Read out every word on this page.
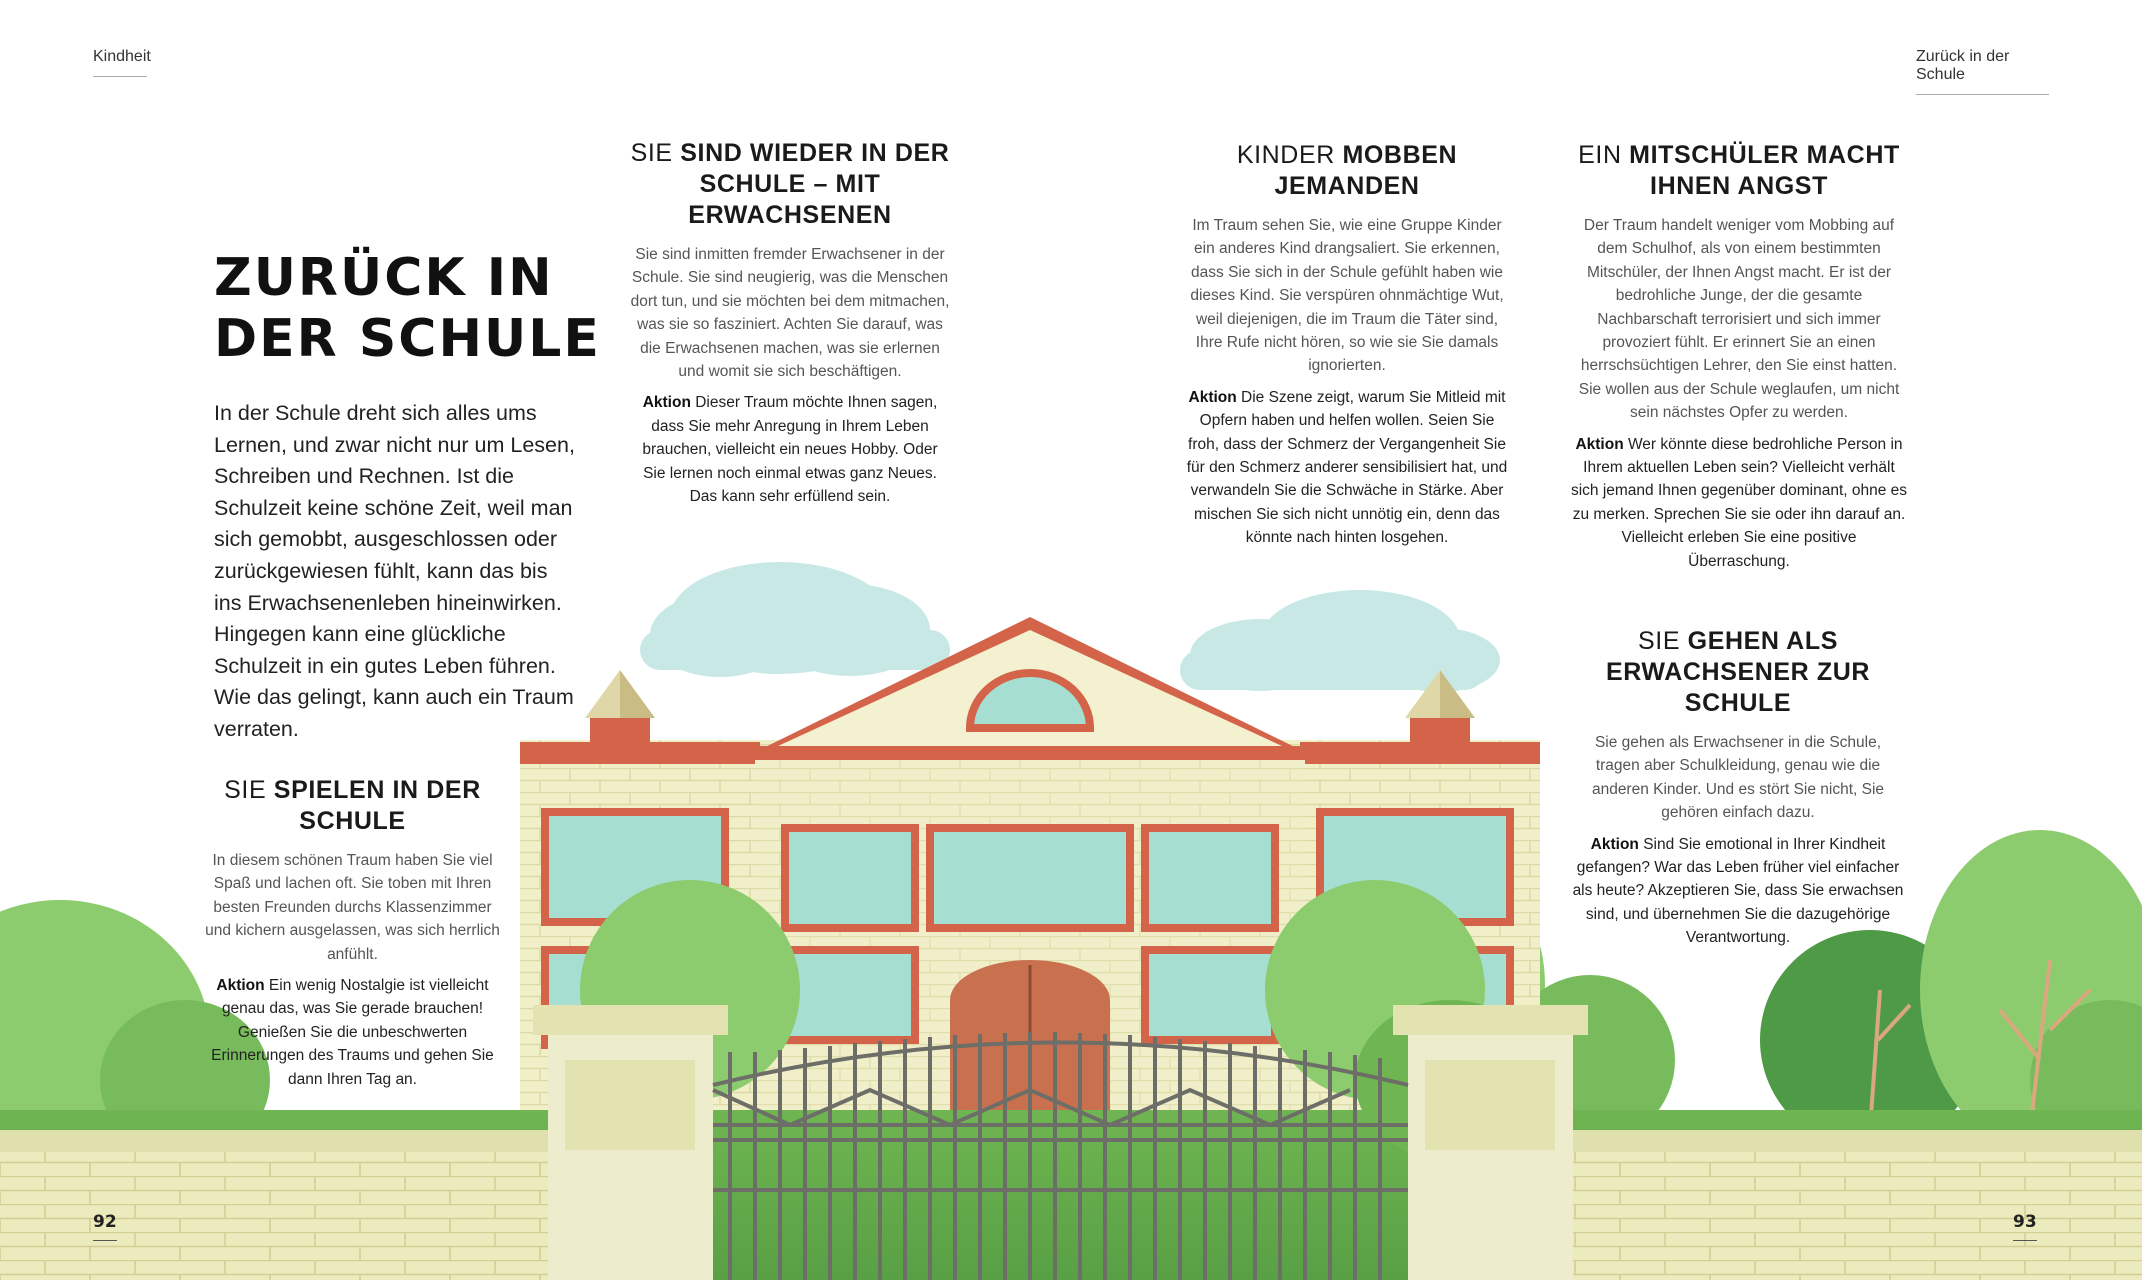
Kindheit	Zurück in der Schule
92	93
ZURÜCK IN
DER SCHULE

In der Schule dreht sich alles ums Lernen, und zwar nicht nur um Lesen, Schreiben und Rechnen. Ist die Schulzeit keine schöne Zeit, weil man sich gemobbt, ausgeschlossen oder zurückgewiesen fühlt, kann das bis ins Erwachsenenleben hineinwirken. Hingegen kann eine glückliche Schulzeit in ein gutes Leben führen. Wie das gelingt, kann auch ein Traum verraten.

SIE SPIELEN IN DER SCHULE

In diesem schönen Traum haben Sie viel Spaß und lachen oft. Sie toben mit Ihren besten Freunden durchs Klassenzimmer und kichern ausgelassen, was sich herrlich anfühlt.

Aktion Ein wenig Nostalgie ist vielleicht genau das, was Sie gerade brauchen! Genießen Sie die unbeschwerten Erinnerungen des Traums und gehen Sie dann Ihren Tag an.

SIE SIND WIEDER IN DER SCHULE – MIT ERWACHSENEN

Sie sind inmitten fremder Erwachsener in der Schule. Sie sind neugierig, was die Menschen dort tun, und sie möchten bei dem mitmachen, was sie so fasziniert. Achten Sie darauf, was die Erwachsenen machen, was sie erlernen und womit sie sich beschäftigen.

Aktion Dieser Traum möchte Ihnen sagen, dass Sie mehr Anregung in Ihrem Leben brauchen, vielleicht ein neues Hobby. Oder Sie lernen noch einmal etwas ganz Neues. Das kann sehr erfüllend sein.

KINDER MOBBEN JEMANDEN

Im Traum sehen Sie, wie eine Gruppe Kinder ein anderes Kind drangsaliert. Sie erkennen, dass Sie sich in der Schule gefühlt haben wie dieses Kind. Sie verspüren ohnmächtige Wut, weil diejenigen, die im Traum die Täter sind, Ihre Rufe nicht hören, so wie sie Sie damals ignorierten.

Aktion Die Szene zeigt, warum Sie Mitleid mit Opfern haben und helfen wollen. Seien Sie froh, dass der Schmerz der Vergangenheit Sie für den Schmerz anderer sensibilisiert hat, und verwandeln Sie die Schwäche in Stärke. Aber mischen Sie sich nicht unnötig ein, denn das könnte nach hinten losgehen.

EIN MITSCHÜLER MACHT IHNEN ANGST

Der Traum handelt weniger vom Mobbing auf dem Schulhof, als von einem bestimmten Mitschüler, der Ihnen Angst macht. Er ist der bedrohliche Junge, der die gesamte Nachbarschaft terrorisiert und sich immer provoziert fühlt. Er erinnert Sie an einen herrschsüchtigen Lehrer, den Sie einst hatten. Sie wollen aus der Schule weglaufen, um nicht sein nächstes Opfer zu werden.

Aktion Wer könnte diese bedrohliche Person in Ihrem aktuellen Leben sein? Vielleicht verhält sich jemand Ihnen gegenüber dominant, ohne es zu merken. Sprechen Sie sie oder ihn darauf an. Vielleicht erleben Sie eine positive Überraschung.

SIE GEHEN ALS ERWACHSENER ZUR SCHULE

Sie gehen als Erwachsener in die Schule, tragen aber Schulkleidung, genau wie die anderen Kinder. Und es stört Sie nicht, Sie gehören einfach dazu.

Aktion Sind Sie emotional in Ihrer Kindheit gefangen? War das Leben früher viel einfacher als heute? Akzeptieren Sie, dass Sie erwachsen sind, und übernehmen Sie die dazugehörige Verantwortung.
